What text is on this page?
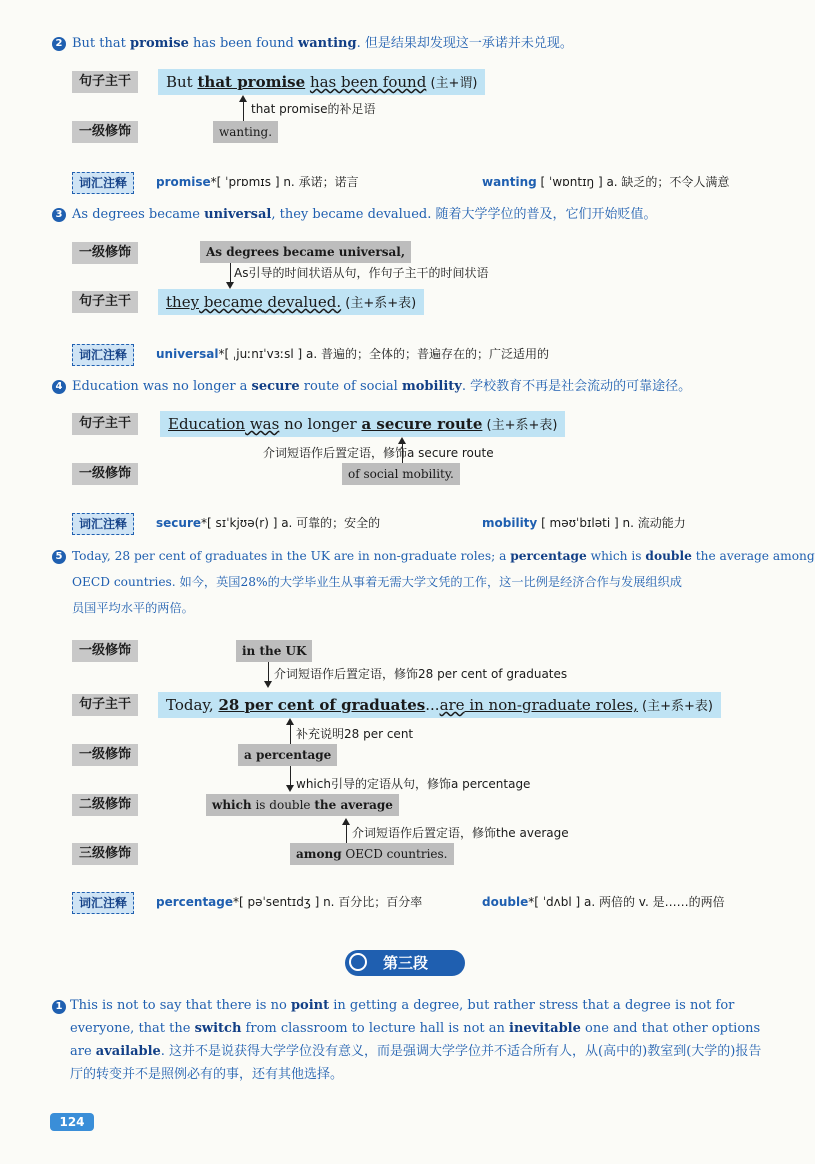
2 But that promise has been found wanting. 但是结果却发现这一承诺并未兑现。
句子主干	But that promise has been found (主+谓)
that promise的补足语
一级修饰	wanting.
词汇注释	promise*[ ˈprɒmɪs ] n. 承诺；诺言	wanting [ ˈwɒntɪŋ ] a. 缺乏的；不令人满意
3 As degrees became universal, they became devalued. 随着大学学位的普及，它们开始贬值。
一级修饰	As degrees became universal,
As引导的时间状语从句，作句子主干的时间状语
句子主干	they became devalued. (主+系+表)
词汇注释	universal*[ ˌjuːnɪˈvɜːsl ] a. 普遍的；全体的；普遍存在的；广泛适用的
4 Education was no longer a secure route of social mobility. 学校教育不再是社会流动的可靠途径。
句子主干	Education was no longer a secure route (主+系+表)
介词短语作后置定语，修饰a secure route
一级修饰	of social mobility.
词汇注释	secure*[ sɪˈkjʊə(r) ] a. 可靠的；安全的	mobility [ məʊˈbɪləti ] n. 流动能力
5 Today, 28 per cent of graduates in the UK are in non-graduate roles; a percentage which is double the average among
OECD countries. 如今，英国28%的大学毕业生从事着无需大学文凭的工作，这一比例是经济合作与发展组织成
员国平均水平的两倍。
一级修饰	in the UK
介词短语作后置定语，修饰28 per cent of graduates
句子主干	Today, 28 per cent of graduates...are in non-graduate roles, (主+系+表)
补充说明28 per cent
一级修饰	a percentage
which引导的定语从句，修饰a percentage
二级修饰	which is double the average
介词短语作后置定语，修饰the average
三级修饰	among OECD countries.
词汇注释	percentage*[ pəˈsentɪdʒ ] n. 百分比；百分率	double*[ ˈdʌbl ] a. 两倍的 v. 是……的两倍
第三段
1 This is not to say that there is no point in getting a degree, but rather stress that a degree is not for everyone, that the switch from classroom to lecture hall is not an inevitable one and that other options are available. 这并不是说获得大学学位没有意义，而是强调大学学位并不适合所有人，从(高中的)教室到(大学的)报告厅的转变并不是照例必有的事，还有其他选择。
124
